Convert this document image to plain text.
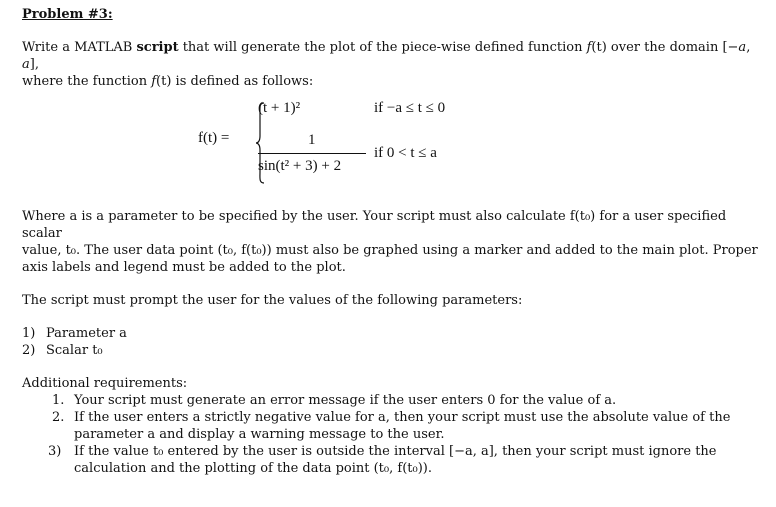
Problem #3:

Write a MATLAB script that will generate the plot of the piece-wise defined function f(t) over the domain [−a, a],
where the function f(t) is defined as follows:

f(t) =
(t + 1)²
1
sin(t² + 3) + 2
if −a ≤ t ≤ 0
if 0 < t ≤ a

Where a is a parameter to be specified by the user. Your script must also calculate f(t₀) for a user specified scalar
value, t₀. The user data point (t₀, f(t₀)) must also be graphed using a marker and added to the main plot. Proper
axis labels and legend must be added to the plot.

The script must prompt the user for the values of the following parameters:

1) Parameter a
2) Scalar t₀

Additional requirements:

1. Your script must generate an error message if the user enters 0 for the value of a.
2. If the user enters a strictly negative value for a, then your script must use the absolute value of the
parameter a and display a warning message to the user.
3) If the value t₀ entered by the user is outside the interval [−a, a], then your script must ignore the
calculation and the plotting of the data point (t₀, f(t₀)).
